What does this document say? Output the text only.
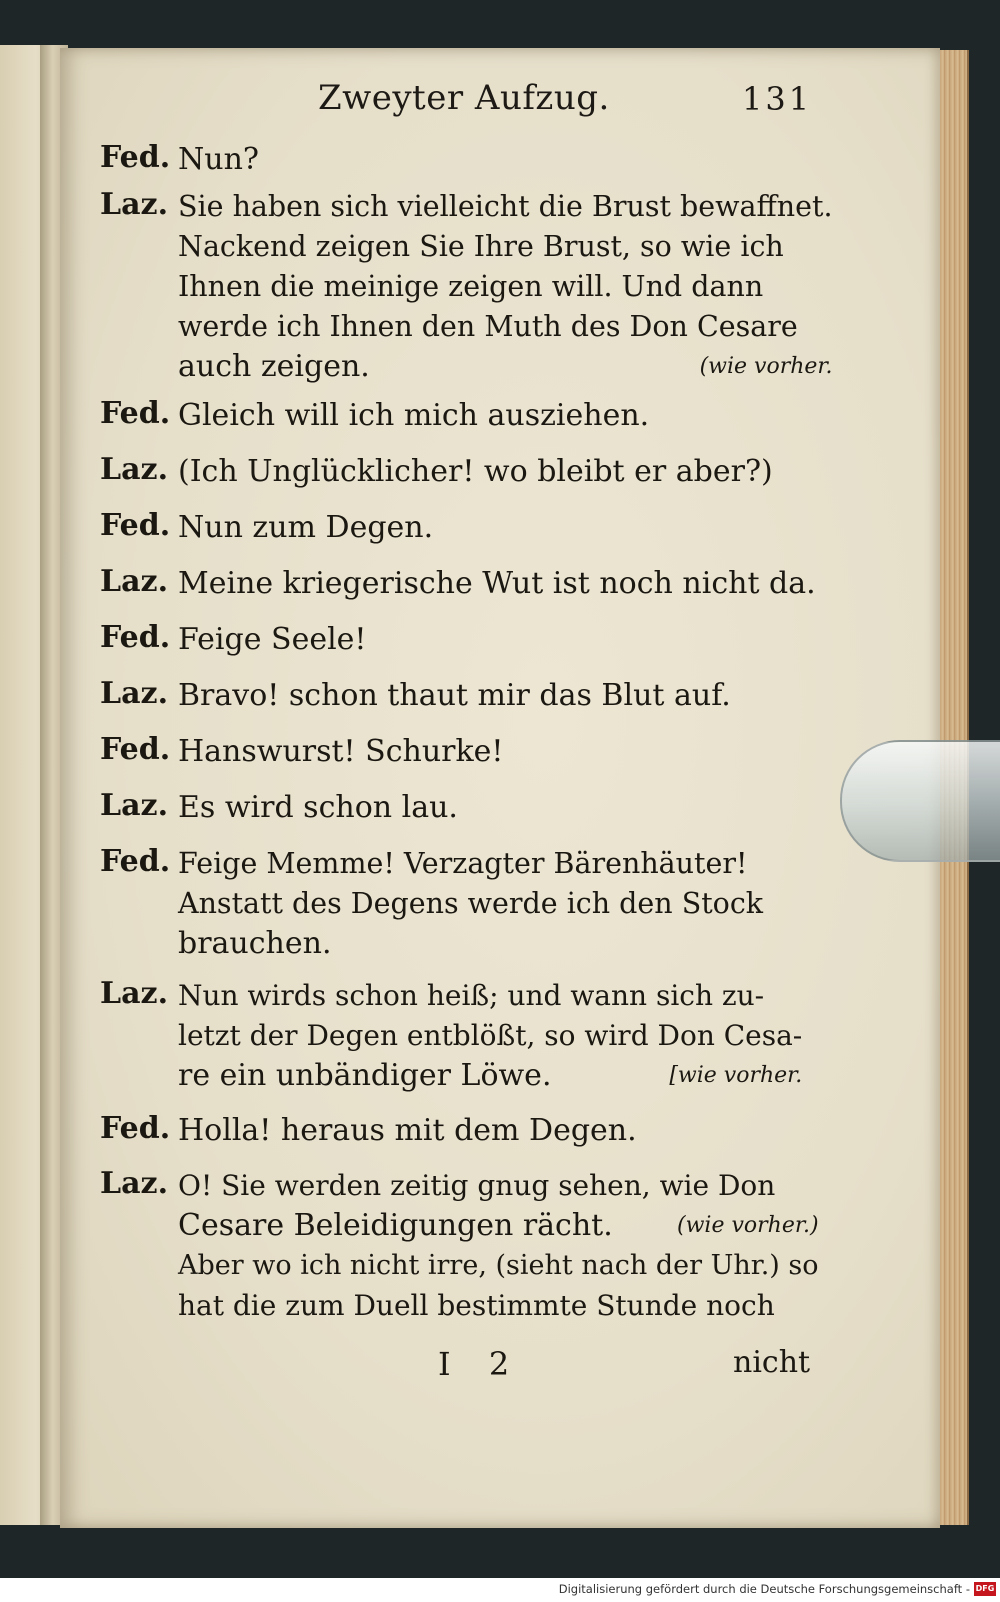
Zweyter Aufzug.	131
Fed. Nun?
Laz. Sie haben sich vielleicht die Brust bewaffnet.
Nackend zeigen Sie Ihre Brust, so wie ich
Ihnen die meinige zeigen will. Und dann
werde ich Ihnen den Muth des Don Cesare
auch zeigen.	(wie vorher.
Fed. Gleich will ich mich ausziehen.
Laz. (Ich Unglücklicher! wo bleibt er aber?)
Fed. Nun zum Degen.
Laz. Meine kriegerische Wut ist noch nicht da.
Fed. Feige Seele!
Laz. Bravo! schon thaut mir das Blut auf.
Fed. Hanswurst! Schurke!
Laz. Es wird schon lau.
Fed. Feige Memme! Verzagter Bärenhäuter!
Anstatt des Degens werde ich den Stock
brauchen.
Laz. Nun wirds schon heiß; und wann sich zu-
letzt der Degen entblößt, so wird Don Cesa-
re ein unbändiger Löwe.	[wie vorher.
Fed. Holla! heraus mit dem Degen.
Laz. O! Sie werden zeitig gnug sehen, wie Don
Cesare Beleidigungen rächt.	(wie vorher.)
Aber wo ich nicht irre, (sieht nach der Uhr.) so
hat die zum Duell bestimmte Stunde noch
I 2	nicht
Digitalisierung gefördert durch die Deutsche Forschungsgemeinschaft - DFG
